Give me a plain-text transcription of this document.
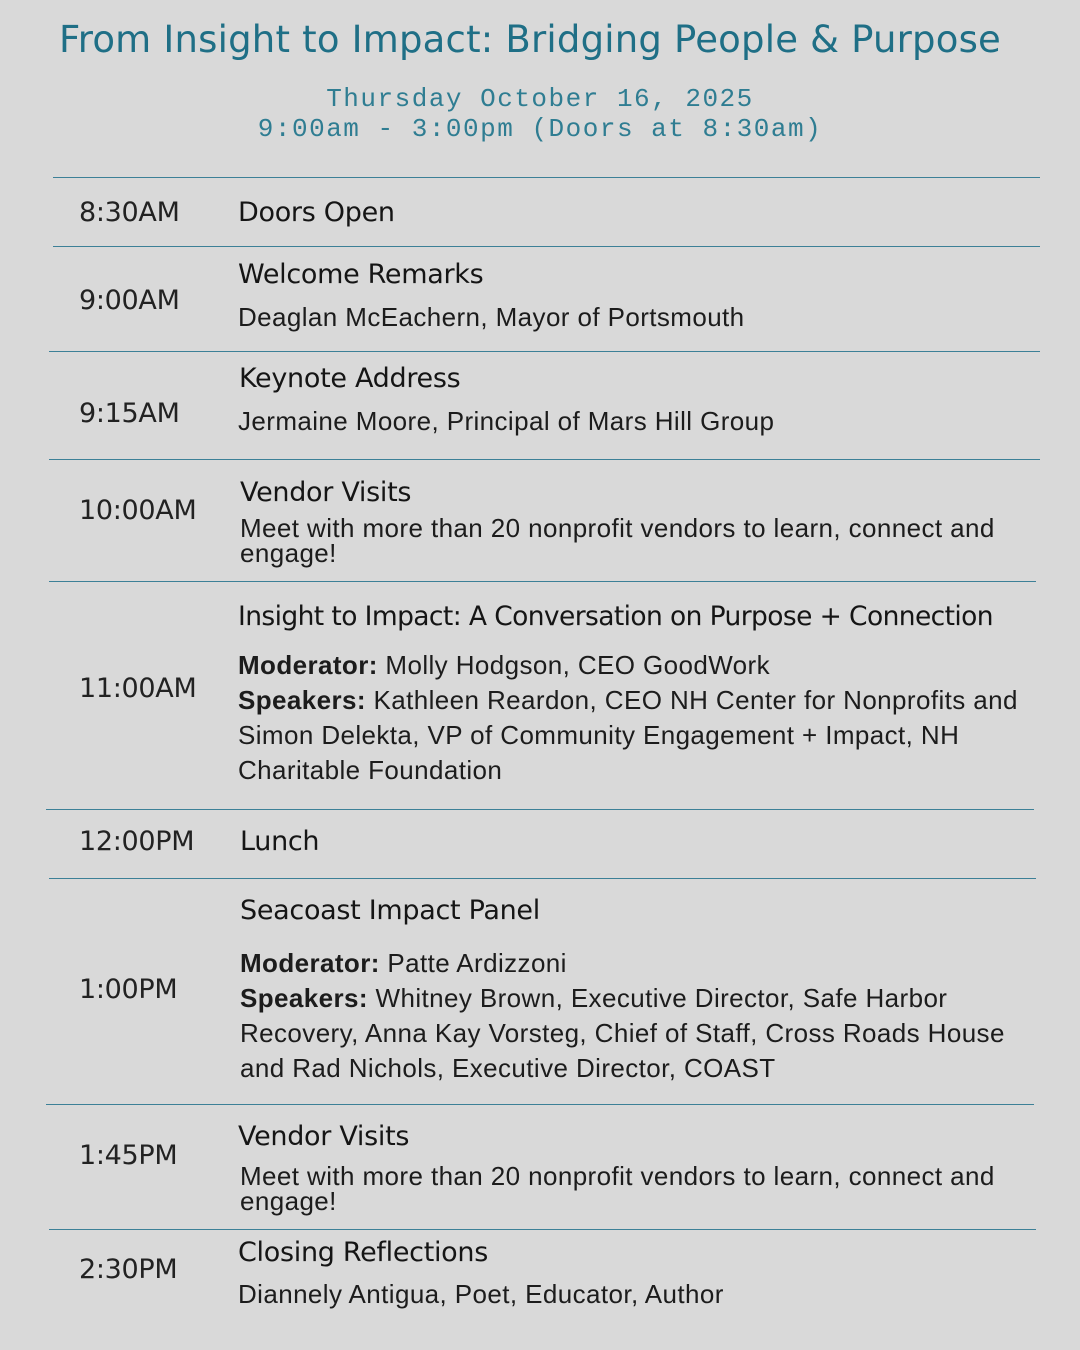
From Insight to Impact: Bridging People & Purpose
Thursday October 16, 2025
9:00am - 3:00pm (Doors at 8:30am)
8:30AM Doors Open
9:00AM
Welcome Remarks
Deaglan McEachern, Mayor of Portsmouth
9:15AM
Keynote Address
Jermaine Moore, Principal of Mars Hill Group
10:00AM
Vendor Visits
Meet with more than 20 nonprofit vendors to learn, connect and engage!
11:00AM
Insight to Impact: A Conversation on Purpose + Connection
Moderator: Molly Hodgson, CEO GoodWork
Speakers: Kathleen Reardon, CEO NH Center for Nonprofits and Simon Delekta, VP of Community Engagement + Impact, NH Charitable Foundation
12:00PM Lunch
1:00PM
Seacoast Impact Panel
Moderator: Patte Ardizzoni
Speakers: Whitney Brown, Executive Director, Safe Harbor Recovery, Anna Kay Vorsteg, Chief of Staff, Cross Roads House and Rad Nichols, Executive Director, COAST
1:45PM
Vendor Visits
Meet with more than 20 nonprofit vendors to learn, connect and engage!
2:30PM
Closing Reflections
Diannely Antigua, Poet, Educator, Author
